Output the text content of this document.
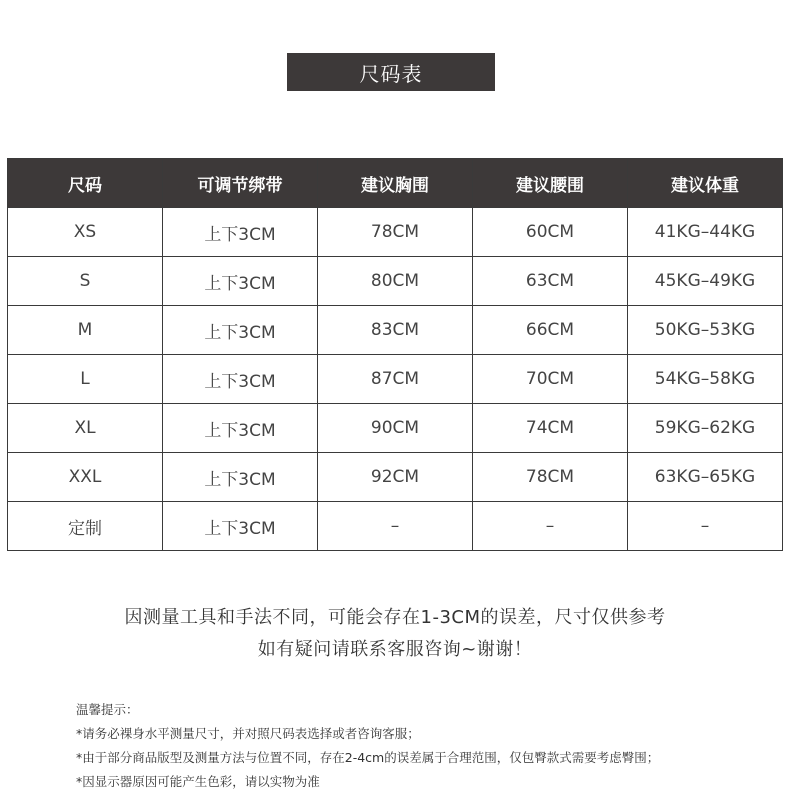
尺码表
尺码	可调节绑带	建议胸围	建议腰围	建议体重
XS	上下3CM	78CM	60CM	41KG–44KG
S	上下3CM	80CM	63CM	45KG–49KG
M	上下3CM	83CM	66CM	50KG–53KG
L	上下3CM	87CM	70CM	54KG–58KG
XL	上下3CM	90CM	74CM	59KG–62KG
XXL	上下3CM	92CM	78CM	63KG–65KG
定制	上下3CM	–	–	–
因测量工具和手法不同，可能会存在1-3CM的误差，尺寸仅供参考
如有疑问请联系客服咨询~谢谢！
温馨提示：
*请务必裸身水平测量尺寸，并对照尺码表选择或者咨询客服；
*由于部分商品版型及测量方法与位置不同，存在2-4cm的误差属于合理范围，仅包臀款式需要考虑臀围；
*因显示器原因可能产生色彩，请以实物为准
